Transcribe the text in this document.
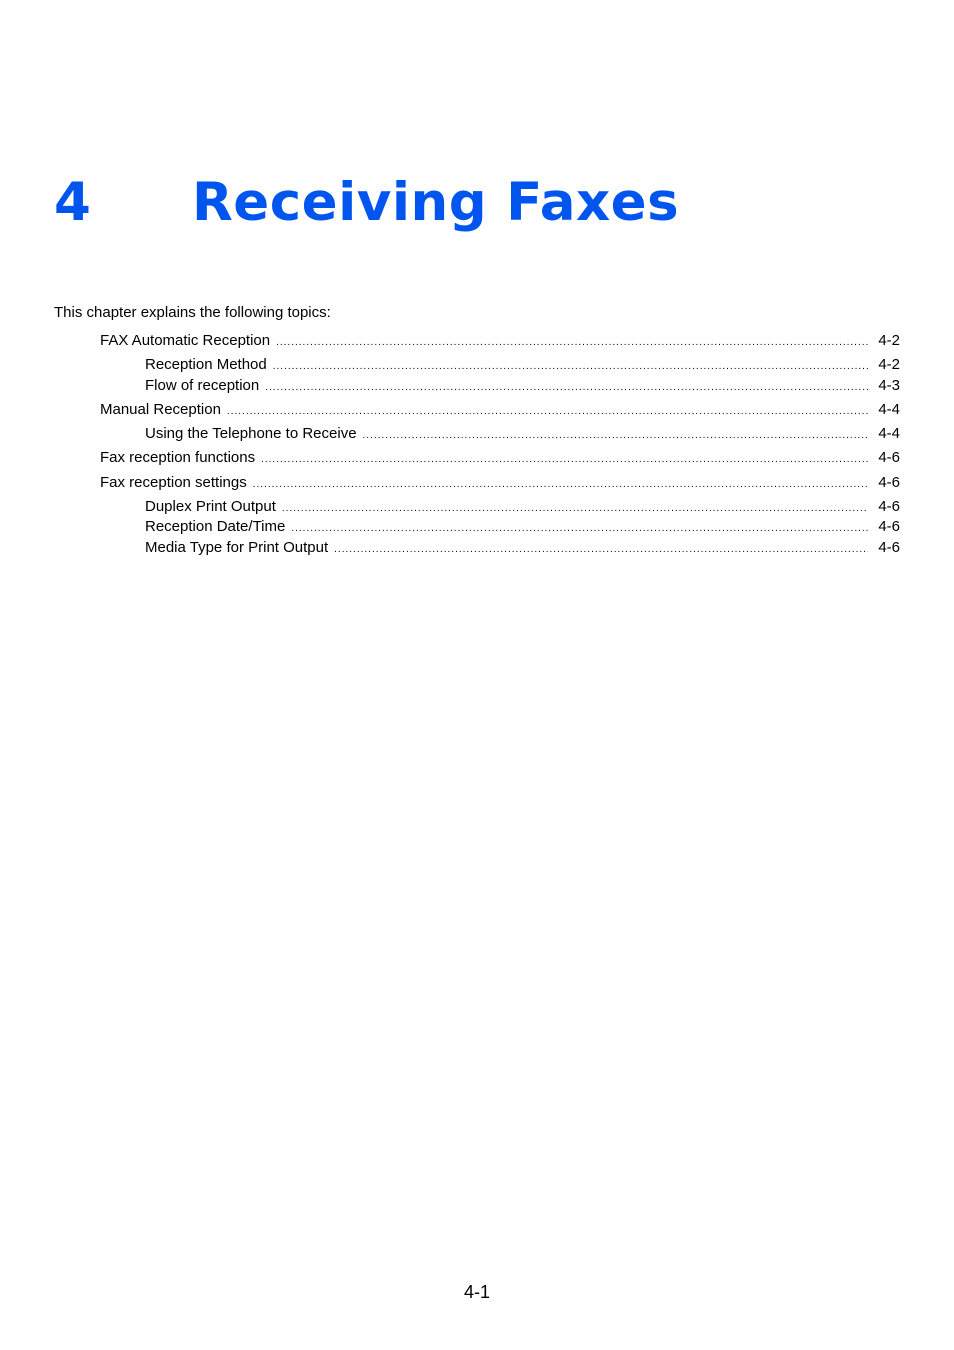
4 Receiving Faxes
This chapter explains the following topics:
FAX Automatic Reception .....	4-2
Reception Method .....	4-2
Flow of reception .....	4-3
Manual Reception .....	4-4
Using the Telephone to Receive .....	4-4
Fax reception functions .....	4-6
Fax reception settings .....	4-6
Duplex Print Output .....	4-6
Reception Date/Time .....	4-6
Media Type for Print Output .....	4-6
4-1
